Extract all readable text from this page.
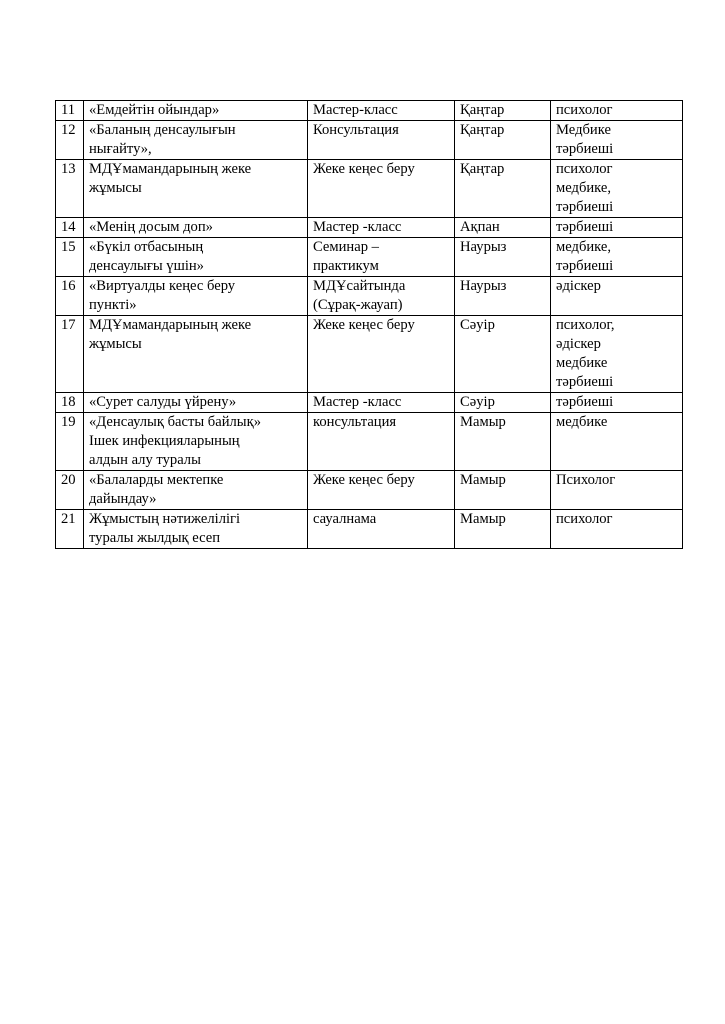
11	«Емдейтін ойындар»	Мастер-класс	Қаңтар	психолог
12	«Баланың денсаулығын
нығайту»,	Консультация	Қаңтар	Медбике
тәрбиеші
13	МДҰмамандарының жеке
жұмысы	Жеке кеңес беру	Қаңтар	психолог
медбике,
тәрбиеші
14	«Менің досым доп»	Мастер -класс	Ақпан	тәрбиеші
15	«Бүкіл отбасының
денсаулығы үшін»	Семинар –
практикум	Наурыз	медбике,
тәрбиеші
16	«Виртуалды кеңес беру
пункті»	МДҰсайтында
(Сұрақ-жауап)	Наурыз	әдіскер
17	МДҰмамандарының жеке
жұмысы	Жеке кеңес беру	Сәуір	психолог,
әдіскер
медбике
тәрбиеші
18	«Сурет салуды үйрену»	Мастер -класс	Сәуір	тәрбиеші
19	«Денсаулық басты байлық»
Ішек инфекцияларының
алдын алу туралы	консультация	Мамыр	медбике
20	«Балаларды мектепке
дайындау»	Жеке кеңес беру	Мамыр	Психолог
21	Жұмыстың нәтижелілігі
туралы жылдық есеп	сауалнама	Мамыр	психолог
